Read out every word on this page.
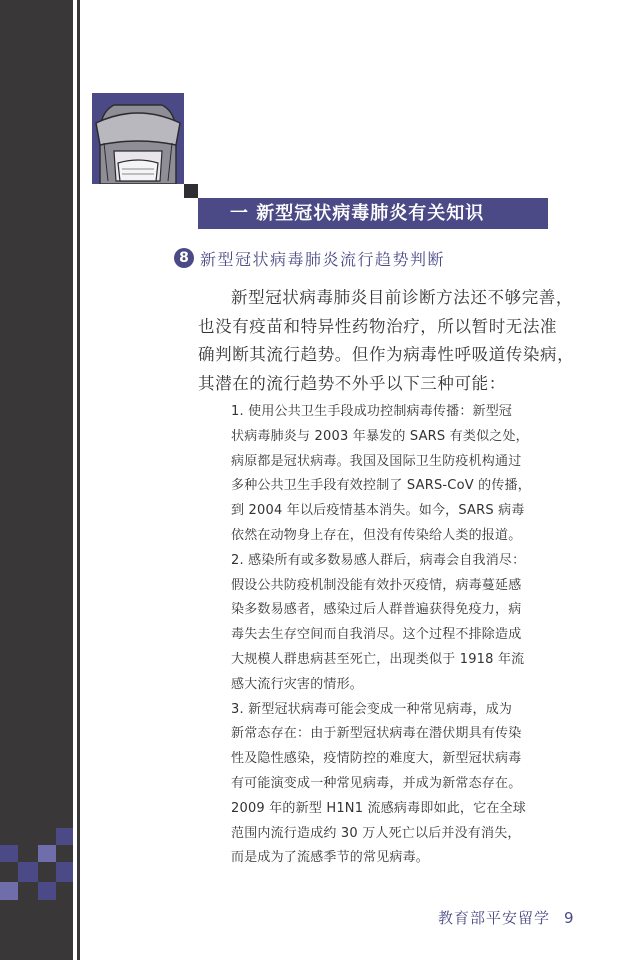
一 新型冠状病毒肺炎有关知识
8 新型冠状病毒肺炎流行趋势判断
新型冠状病毒肺炎目前诊断方法还不够完善，
也没有疫苗和特异性药物治疗，所以暂时无法准
确判断其流行趋势。但作为病毒性呼吸道传染病，
其潜在的流行趋势不外乎以下三种可能：
1. 使用公共卫生手段成功控制病毒传播：新型冠
状病毒肺炎与 2003 年暴发的 SARS 有类似之处，
病原都是冠状病毒。我国及国际卫生防疫机构通过
多种公共卫生手段有效控制了 SARS-CoV 的传播，
到 2004 年以后疫情基本消失。如今，SARS 病毒
依然在动物身上存在，但没有传染给人类的报道。
2. 感染所有或多数易感人群后，病毒会自我消尽：
假设公共防疫机制没能有效扑灭疫情，病毒蔓延感
染多数易感者，感染过后人群普遍获得免疫力，病
毒失去生存空间而自我消尽。这个过程不排除造成
大规模人群患病甚至死亡，出现类似于 1918 年流
感大流行灾害的情形。
3. 新型冠状病毒可能会变成一种常见病毒，成为
新常态存在：由于新型冠状病毒在潜伏期具有传染
性及隐性感染，疫情防控的难度大，新型冠状病毒
有可能演变成一种常见病毒，并成为新常态存在。
2009 年的新型 H1N1 流感病毒即如此，它在全球
范围内流行造成约 30 万人死亡以后并没有消失，
而是成为了流感季节的常见病毒。
教育部平安留学 9
